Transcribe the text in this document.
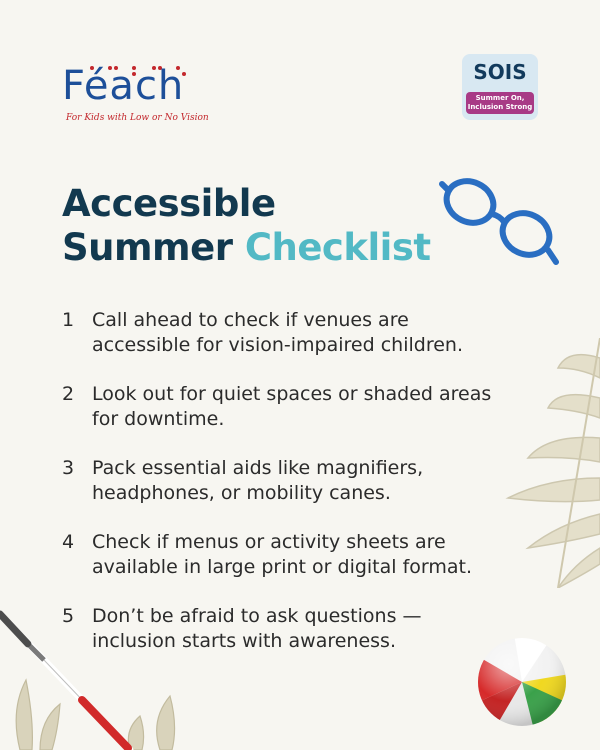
Féach
For Kids with Low or No Vision
SOIS
Summer On,
Inclusion Strong
Accessible
Summer Checklist
1 Call ahead to check if venues are accessible for vision-impaired children.
2 Look out for quiet spaces or shaded areas for downtime.
3 Pack essential aids like magnifiers, headphones, or mobility canes.
4 Check if menus or activity sheets are available in large print or digital format.
5 Don’t be afraid to ask questions — inclusion starts with awareness.
